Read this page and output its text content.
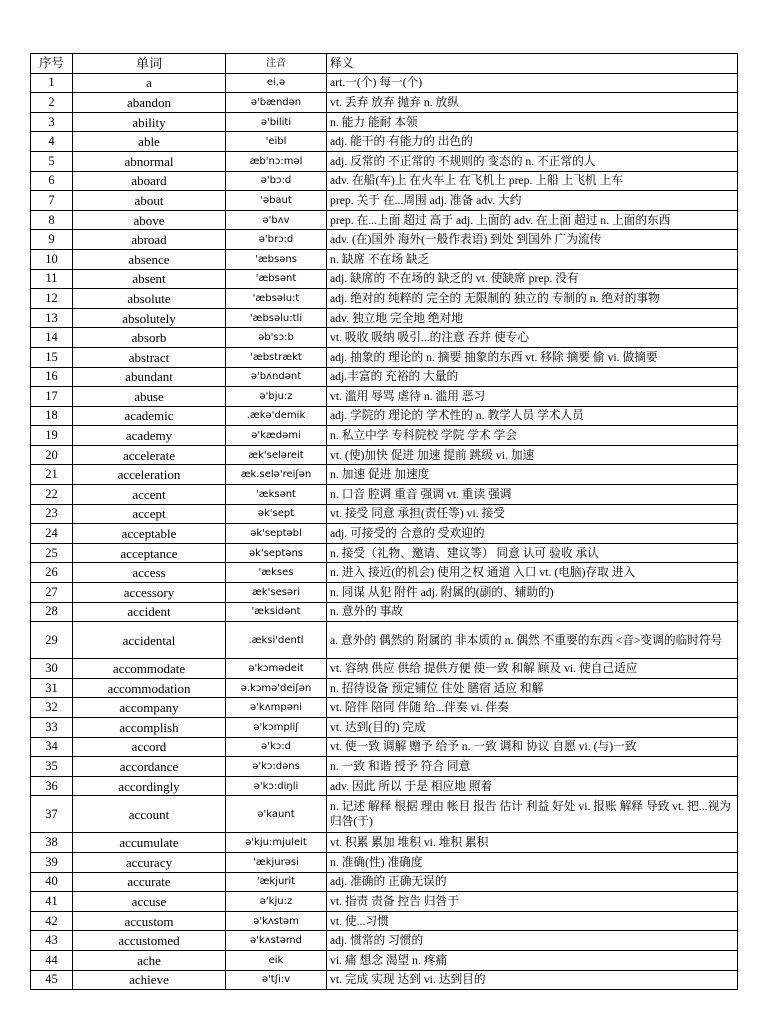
序号	单词	注音	释义
1	a	ei,ə	art.一(个) 每一(个)
2	abandon	ə'bændən	vt. 丢弃 放弃 抛弃 n. 放纵
3	ability	ə'biliti	n. 能力 能耐 本领
4	able	'eibl	adj. 能干的 有能力的 出色的
5	abnormal	æb'nɔ:məl	adj. 反常的 不正常的 不规则的 变态的 n. 不正常的人
6	aboard	ə'bɔ:d	adv. 在船(车)上 在火车上 在飞机上 prep. 上船 上飞机 上车
7	about	'əbaut	prep. 关于 在...周围 adj. 准备 adv. 大约
8	above	ə'bʌv	prep. 在...上面 超过 高于 adj. 上面的 adv. 在上面 超过 n. 上面的东西
9	abroad	ə'brɔ:d	adv. (在)国外 海外(一般作表语) 到处 到国外 广为流传
10	absence	'æbsəns	n. 缺席 不在场 缺乏
11	absent	'æbsənt	adj. 缺席的 不在场的 缺乏的 vt. 使缺席 prep. 没有
12	absolute	'æbsəlu:t	adj. 绝对的 纯粹的 完全的 无限制的 独立的 专制的 n. 绝对的事物
13	absolutely	'æbsəlu:tli	adv. 独立地 完全地 绝对地
14	absorb	əb'sɔ:b	vt. 吸收 吸纳 吸引...的注意 吞并 使专心
15	abstract	'æbstrækt	adj. 抽象的 理论的 n. 摘要 抽象的东西 vt. 移除 摘要 偷 vi. 做摘要
16	abundant	ə'bʌndənt	adj.丰富的 充裕的 大量的
17	abuse	ə'bju:z	vt. 滥用 辱骂 虐待 n. 滥用 恶习
18	academic	.ækə'demik	adj. 学院的 理论的 学术性的 n. 教学人员 学术人员
19	academy	ə'kædəmi	n. 私立中学 专科院校 学院 学术 学会
20	accelerate	æk'seləreit	vt. (使)加快 促进 加速 提前 跳级 vi. 加速
21	acceleration	æk.selə'reiʃən	n. 加速 促进 加速度
22	accent	'æksənt	n. 口音 腔调 重音 强调 vt. 重读 强调
23	accept	ək'sept	vt. 接受 同意 承担(责任等) vi. 接受
24	acceptable	ək'septəbl	adj. 可接受的 合意的 受欢迎的
25	acceptance	ək'septəns	n. 接受（礼物、邀请、建议等） 同意 认可 验收 承认
26	access	'ækses	n. 进入 接近(的机会) 使用之权 通道 入口 vt. (电脑)存取 进入
27	accessory	æk'sesəri	n. 同谋 从犯 附件 adj. 附属的(副的、辅助的)
28	accident	'æksidənt	n. 意外的 事故
29	accidental	.æksi'dentl	a. 意外的 偶然的 附属的 非本质的 n. 偶然 不重要的东西 <音>变调的临时符号
30	accommodate	ə'kɔmədeit	vt. 容纳 供应 供给 提供方便 使一致 和解 顾及 vi. 使自己适应
31	accommodation	ə.kɔmə'deiʃən	n. 招待设备 预定铺位 住处 膳宿 适应 和解
32	accompany	ə'kʌmpəni	vt. 陪伴 陪同 伴随 给...伴奏 vi. 伴奏
33	accomplish	ə'kɔmpliʃ	vt. 达到(目的) 完成
34	accord	ə'kɔ:d	vt. 使一致 调解 赠予 给予 n. 一致 调和 协议 自愿 vi. (与)一致
35	accordance	ə'kɔ:dəns	n. 一致 和谐 授予 符合 同意
36	accordingly	ə'kɔ:diŋli	adv. 因此 所以 于是 相应地 照着
37	account	ə'kaunt	n. 记述 解释 根据 理由 帐目 报告 估计 利益 好处 vi. 报账 解释 导致 vt. 把...视为 归咎(于)
38	accumulate	ə'kju:mjuleit	vt. 积累 累加 堆积 vi. 堆积 累积
39	accuracy	'ækjurəsi	n. 准确(性) 准确度
40	accurate	'ækjurit	adj. 准确的 正确无误的
41	accuse	ə'kju:z	vt. 指责 责备 控告 归咎于
42	accustom	ə'kʌstəm	vt. 使...习惯
43	accustomed	ə'kʌstəmd	adj. 惯常的 习惯的
44	ache	eik	vi. 痛 想念 渴望 n. 疼痛
45	achieve	ə'tʃi:v	vt. 完成 实现 达到 vi. 达到目的
